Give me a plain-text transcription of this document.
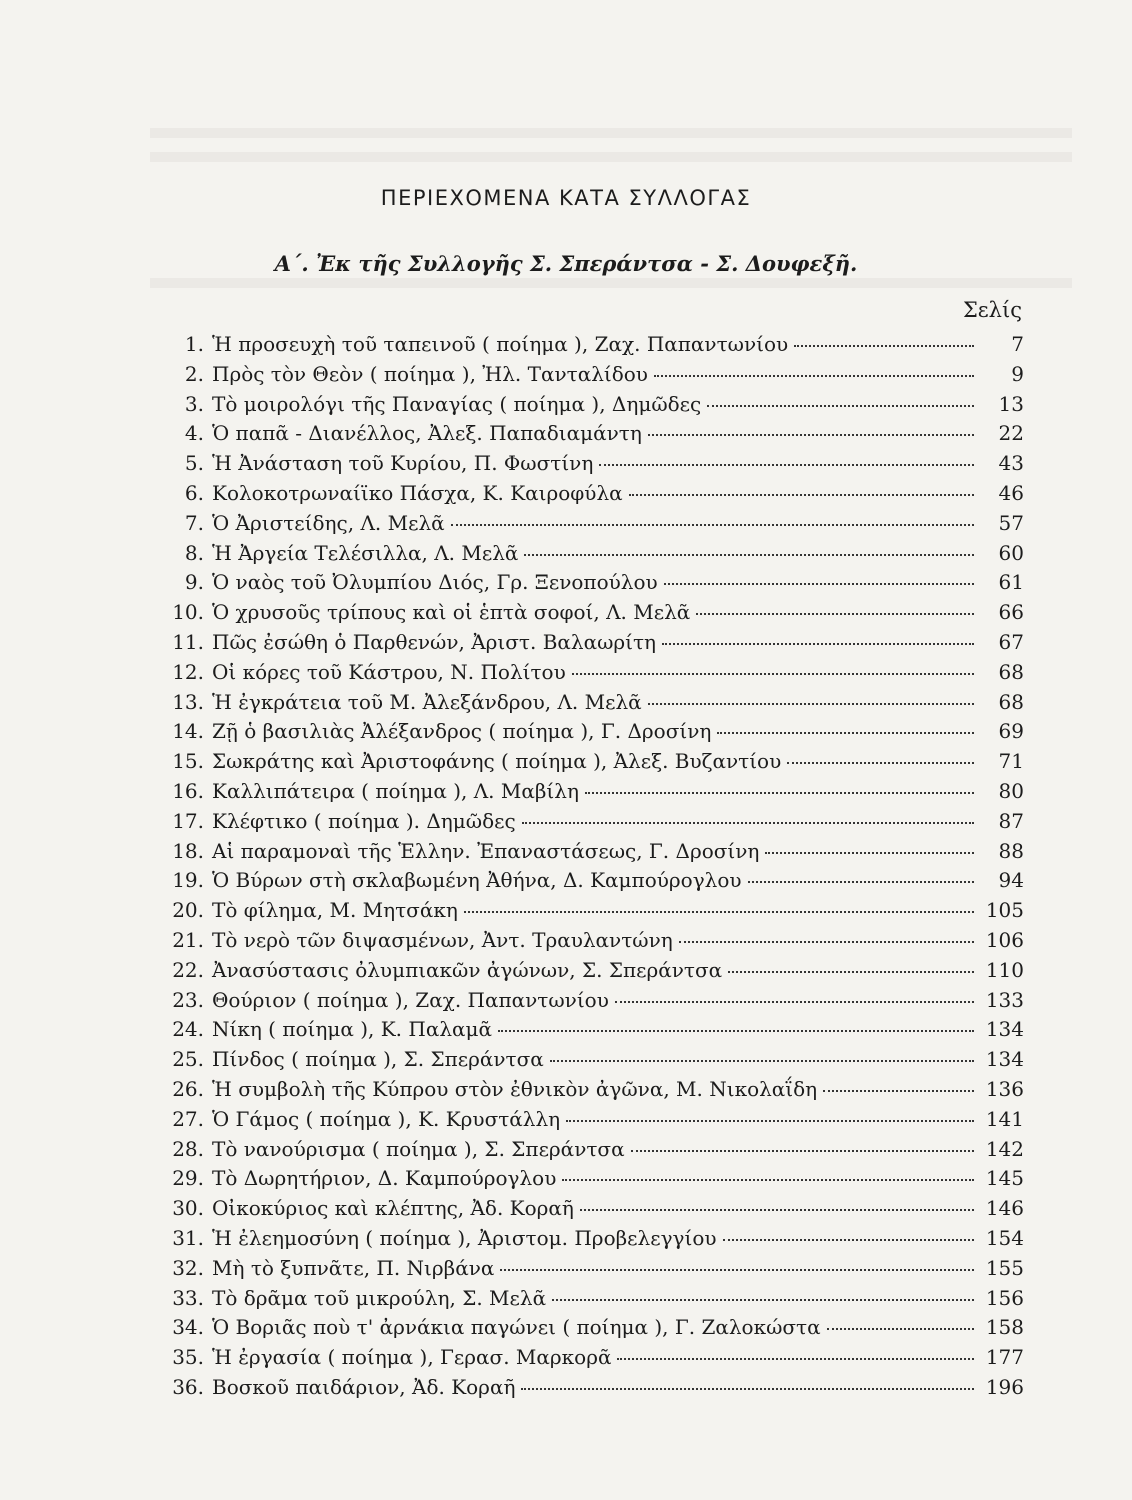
ΠΕΡΙΕΧΟΜΕΝΑ ΚΑΤΑ ΣΥΛΛΟΓΑΣ
Α΄. Ἐκ τῆς Συλλογῆς Σ. Σπεράντσα - Σ. Δουφεξῆ.
Σελίς
1. Ἡ προσευχὴ τοῦ ταπεινοῦ ( ποίημα ), Ζαχ. Παπαντωνίου	7
2. Πρὸς τὸν Θεὸν ( ποίημα ), Ἠλ. Τανταλίδου	9
3. Τὸ μοιρολόγι τῆς Παναγίας ( ποίημα ), Δημῶδες	13
4. Ὁ παπᾶ - Διανέλλος, Ἀλεξ. Παπαδιαμάντη	22
5. Ἡ Ἀνάσταση τοῦ Κυρίου, Π. Φωστίνη	43
6. Κολοκοτρωναίϊκο Πάσχα, Κ. Καιροφύλα	46
7. Ὁ Ἀριστείδης, Λ. Μελᾶ	57
8. Ἡ Ἀργεία Τελέσιλλα, Λ. Μελᾶ	60
9. Ὁ ναὸς τοῦ Ὀλυμπίου Διός, Γρ. Ξενοπούλου	61
10. Ὁ χρυσοῦς τρίπους καὶ οἱ ἑπτὰ σοφοί, Λ. Μελᾶ	66
11. Πῶς ἐσώθη ὁ Παρθενών, Ἀριστ. Βαλαωρίτη	67
12. Οἱ κόρες τοῦ Κάστρου, Ν. Πολίτου	68
13. Ἡ ἐγκράτεια τοῦ Μ. Ἀλεξάνδρου, Λ. Μελᾶ	68
14. Ζῇ ὁ βασιλιὰς Ἀλέξανδρος ( ποίημα ), Γ. Δροσίνη	69
15. Σωκράτης καὶ Ἀριστοφάνης ( ποίημα ), Ἀλεξ. Βυζαντίου	71
16. Καλλιπάτειρα ( ποίημα ), Λ. Μαβίλη	80
17. Κλέφτικο ( ποίημα ). Δημῶδες	87
18. Αἱ παραμοναὶ τῆς Ἑλλην. Ἐπαναστάσεως, Γ. Δροσίνη	88
19. Ὁ Βύρων στὴ σκλαβωμένη Ἀθήνα, Δ. Καμπούρογλου	94
20. Τὸ φίλημα, Μ. Μητσάκη	105
21. Τὸ νερὸ τῶν διψασμένων, Ἀντ. Τραυλαντώνη	106
22. Ἀνασύστασις ὀλυμπιακῶν ἀγώνων, Σ. Σπεράντσα	110
23. Θούριον ( ποίημα ), Ζαχ. Παπαντωνίου	133
24. Νίκη ( ποίημα ), Κ. Παλαμᾶ	134
25. Πίνδος ( ποίημα ), Σ. Σπεράντσα	134
26. Ἡ συμβολὴ τῆς Κύπρου στὸν ἐθνικὸν ἀγῶνα, Μ. Νικολαΐδη	136
27. Ὁ Γάμος ( ποίημα ), Κ. Κρυστάλλη	141
28. Τὸ νανούρισμα ( ποίημα ), Σ. Σπεράντσα	142
29. Τὸ Δωρητήριον, Δ. Καμπούρογλου	145
30. Οἰκοκύριος καὶ κλέπτης, Ἀδ. Κοραῆ	146
31. Ἡ ἐλεημοσύνη ( ποίημα ), Ἀριστομ. Προβελεγγίου	154
32. Μὴ τὸ ξυπνᾶτε, Π. Νιρβάνα	155
33. Τὸ δρᾶμα τοῦ μικρούλη, Σ. Μελᾶ	156
34. Ὁ Βοριᾶς ποὺ τ' ἀρνάκια παγώνει ( ποίημα ), Γ. Ζαλοκώστα	158
35. Ἡ ἐργασία ( ποίημα ), Γερασ. Μαρκορᾶ	177
36. Βοσκοῦ παιδάριον, Ἀδ. Κοραῆ	196
